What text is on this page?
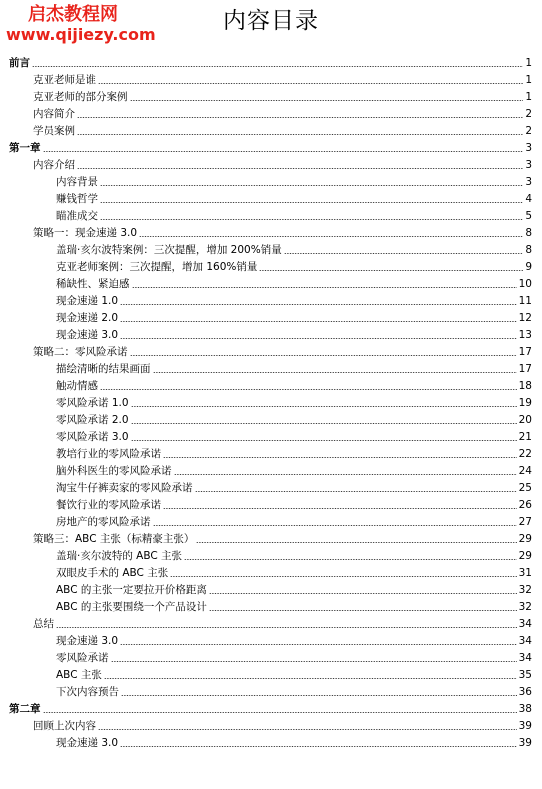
启杰教程网
www.qijiezy.com
内容目录
前言	1
克亚老师是谁	1
克亚老师的部分案例	1
内容简介	2
学员案例	2
第一章	3
内容介绍	3
内容背景	3
赚钱哲学	4
瞄准成交	5
策略一：现金速递 3.0	8
盖瑞·亥尔波特案例：三次提醒，增加 200%销量	8
克亚老师案例：三次提醒，增加 160%销量	9
稀缺性、紧迫感	10
现金速递 1.0	11
现金速递 2.0	12
现金速递 3.0	13
策略二：零风险承诺	17
描绘清晰的结果画面	17
触动情感	18
零风险承诺 1.0	19
零风险承诺 2.0	20
零风险承诺 3.0	21
教培行业的零风险承诺	22
脑外科医生的零风险承诺	24
淘宝牛仔裤卖家的零风险承诺	25
餐饮行业的零风险承诺	26
房地产的零风险承诺	27
策略三：ABC 主张（标精豪主张）	29
盖瑞·亥尔波特的 ABC 主张	29
双眼皮手术的 ABC 主张	31
ABC 的主张一定要拉开价格距离	32
ABC 的主张要围绕一个产品设计	32
总结	34
现金速递 3.0	34
零风险承诺	34
ABC 主张	35
下次内容预告	36
第二章	38
回顾上次内容	39
现金速递 3.0	39
